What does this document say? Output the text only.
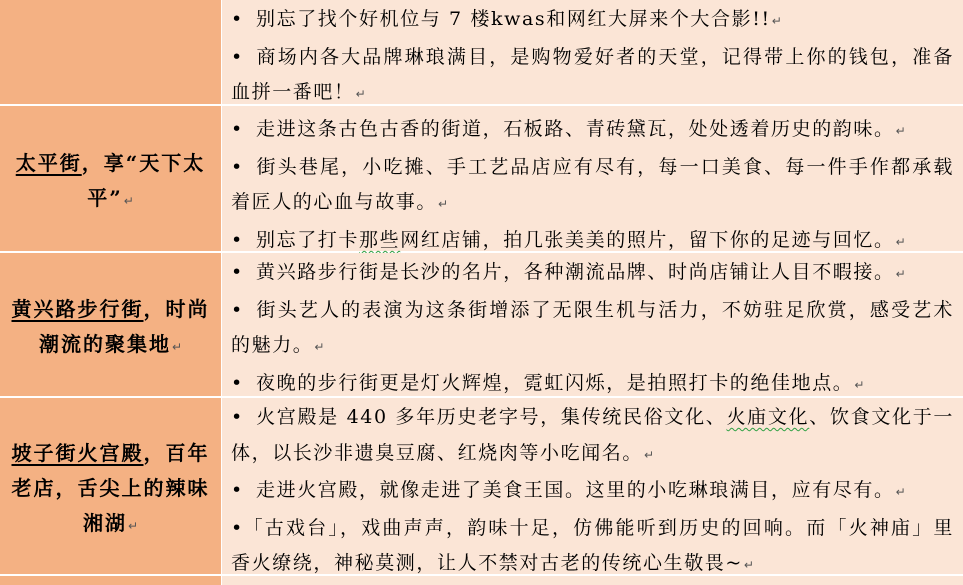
• 别忘了找个好机位与 7 楼kwas和网红大屏来个大合影!!↵

• 商场内各大品牌琳琅满目，是购物爱好者的天堂，记得带上你的钱包，准备血拼一番吧！↵

太平街，享“天下太平”↵

• 走进这条古色古香的街道，石板路、青砖黛瓦，处处透着历史的韵味。↵

• 街头巷尾，小吃摊、手工艺品店应有尽有，每一口美食、每一件手作都承载着匠人的心血与故事。↵

• 别忘了打卡那些网红店铺，拍几张美美的照片，留下你的足迹与回忆。↵

黄兴路步行街，时尚潮流的聚集地↵

• 黄兴路步行街是长沙的名片，各种潮流品牌、时尚店铺让人目不暇接。↵

• 街头艺人的表演为这条街增添了无限生机与活力，不妨驻足欣赏，感受艺术的魅力。↵

• 夜晚的步行街更是灯火辉煌，霓虹闪烁，是拍照打卡的绝佳地点。↵

坡子街火宫殿，百年老店，舌尖上的辣味湘湖↵

• 火宫殿是 440 多年历史老字号，集传统民俗文化、火庙文化、饮食文化于一体，以长沙非遗臭豆腐、红烧肉等小吃闻名。↵

• 走进火宫殿，就像走进了美食王国。这里的小吃琳琅满目，应有尽有。↵

•「古戏台」，戏曲声声，韵味十足，仿佛能听到历史的回响。而「火神庙」里香火缭绕，神秘莫测，让人不禁对古老的传统心生敬畏~↵
